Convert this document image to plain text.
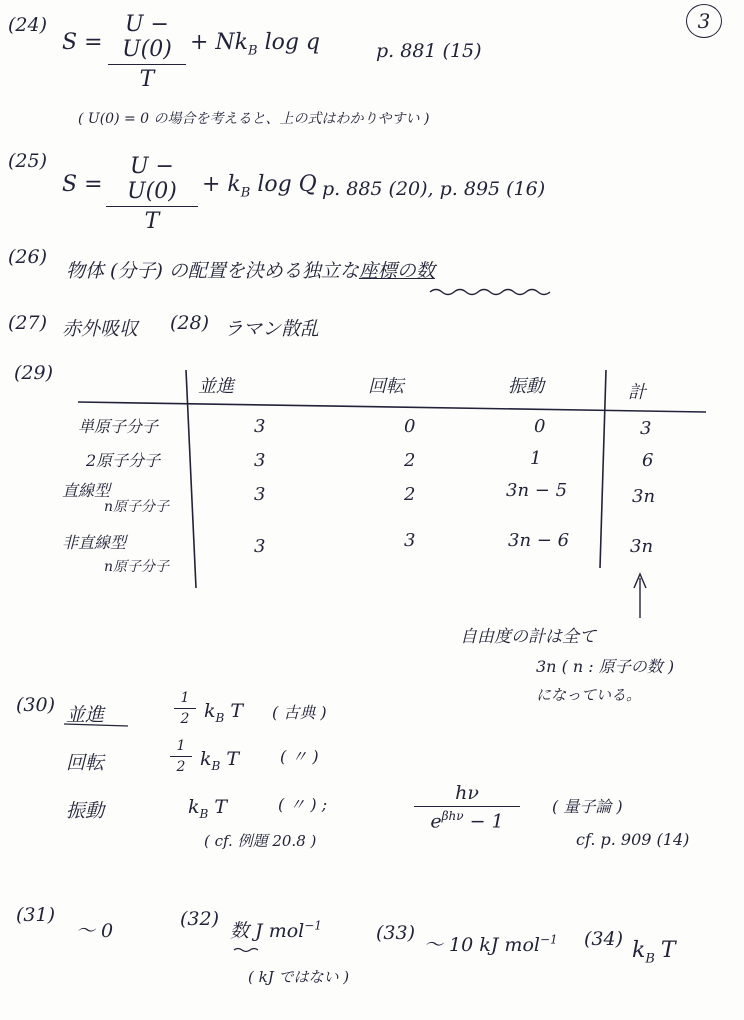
3
(24)
$S = \frac{U - U(0)}{T} + Nk_B$ log q	p. 881 (15)
( U(0) = 0 の場合を考えると、上の式はわかりやすい )
(25)
$S = \frac{U - U(0)}{T} + k_B$ log Q p. 885 (20), p. 895 (16)
(26)
物体 (分子) の配置を決める独立な座標の数
(27) 赤外吸収 (28) ラマン散乱
(29)
並進	回転	振動	計
単原子分子	3	0	0	3
2原子分子	3	2	1	6
直線型
n原子分子
3	2	3n − 5	3n
非直線型
n原子分子
3	3	3n − 6	3n
自由度の計は全て
3n ( n : 原子の数 )
になっている。
(30) 並進	$\frac{1}{2} k_B$ T ( 古典 )
回転	$\frac{1}{2} k_B$ T	( 〃 )
振動	$k_B$ T	( 〃 ) ;
( cf. 例題 20.8 )
hν
$e^{\beta h\nu} - 1$
( 量子論 )
cf. p. 909 (14)
(31)
〜 0
(32)
数 J mol$^{-1}$
( kJ ではない )
(33)
〜 10 kJ mol$^{-1}$ (34) $k_B$ T
